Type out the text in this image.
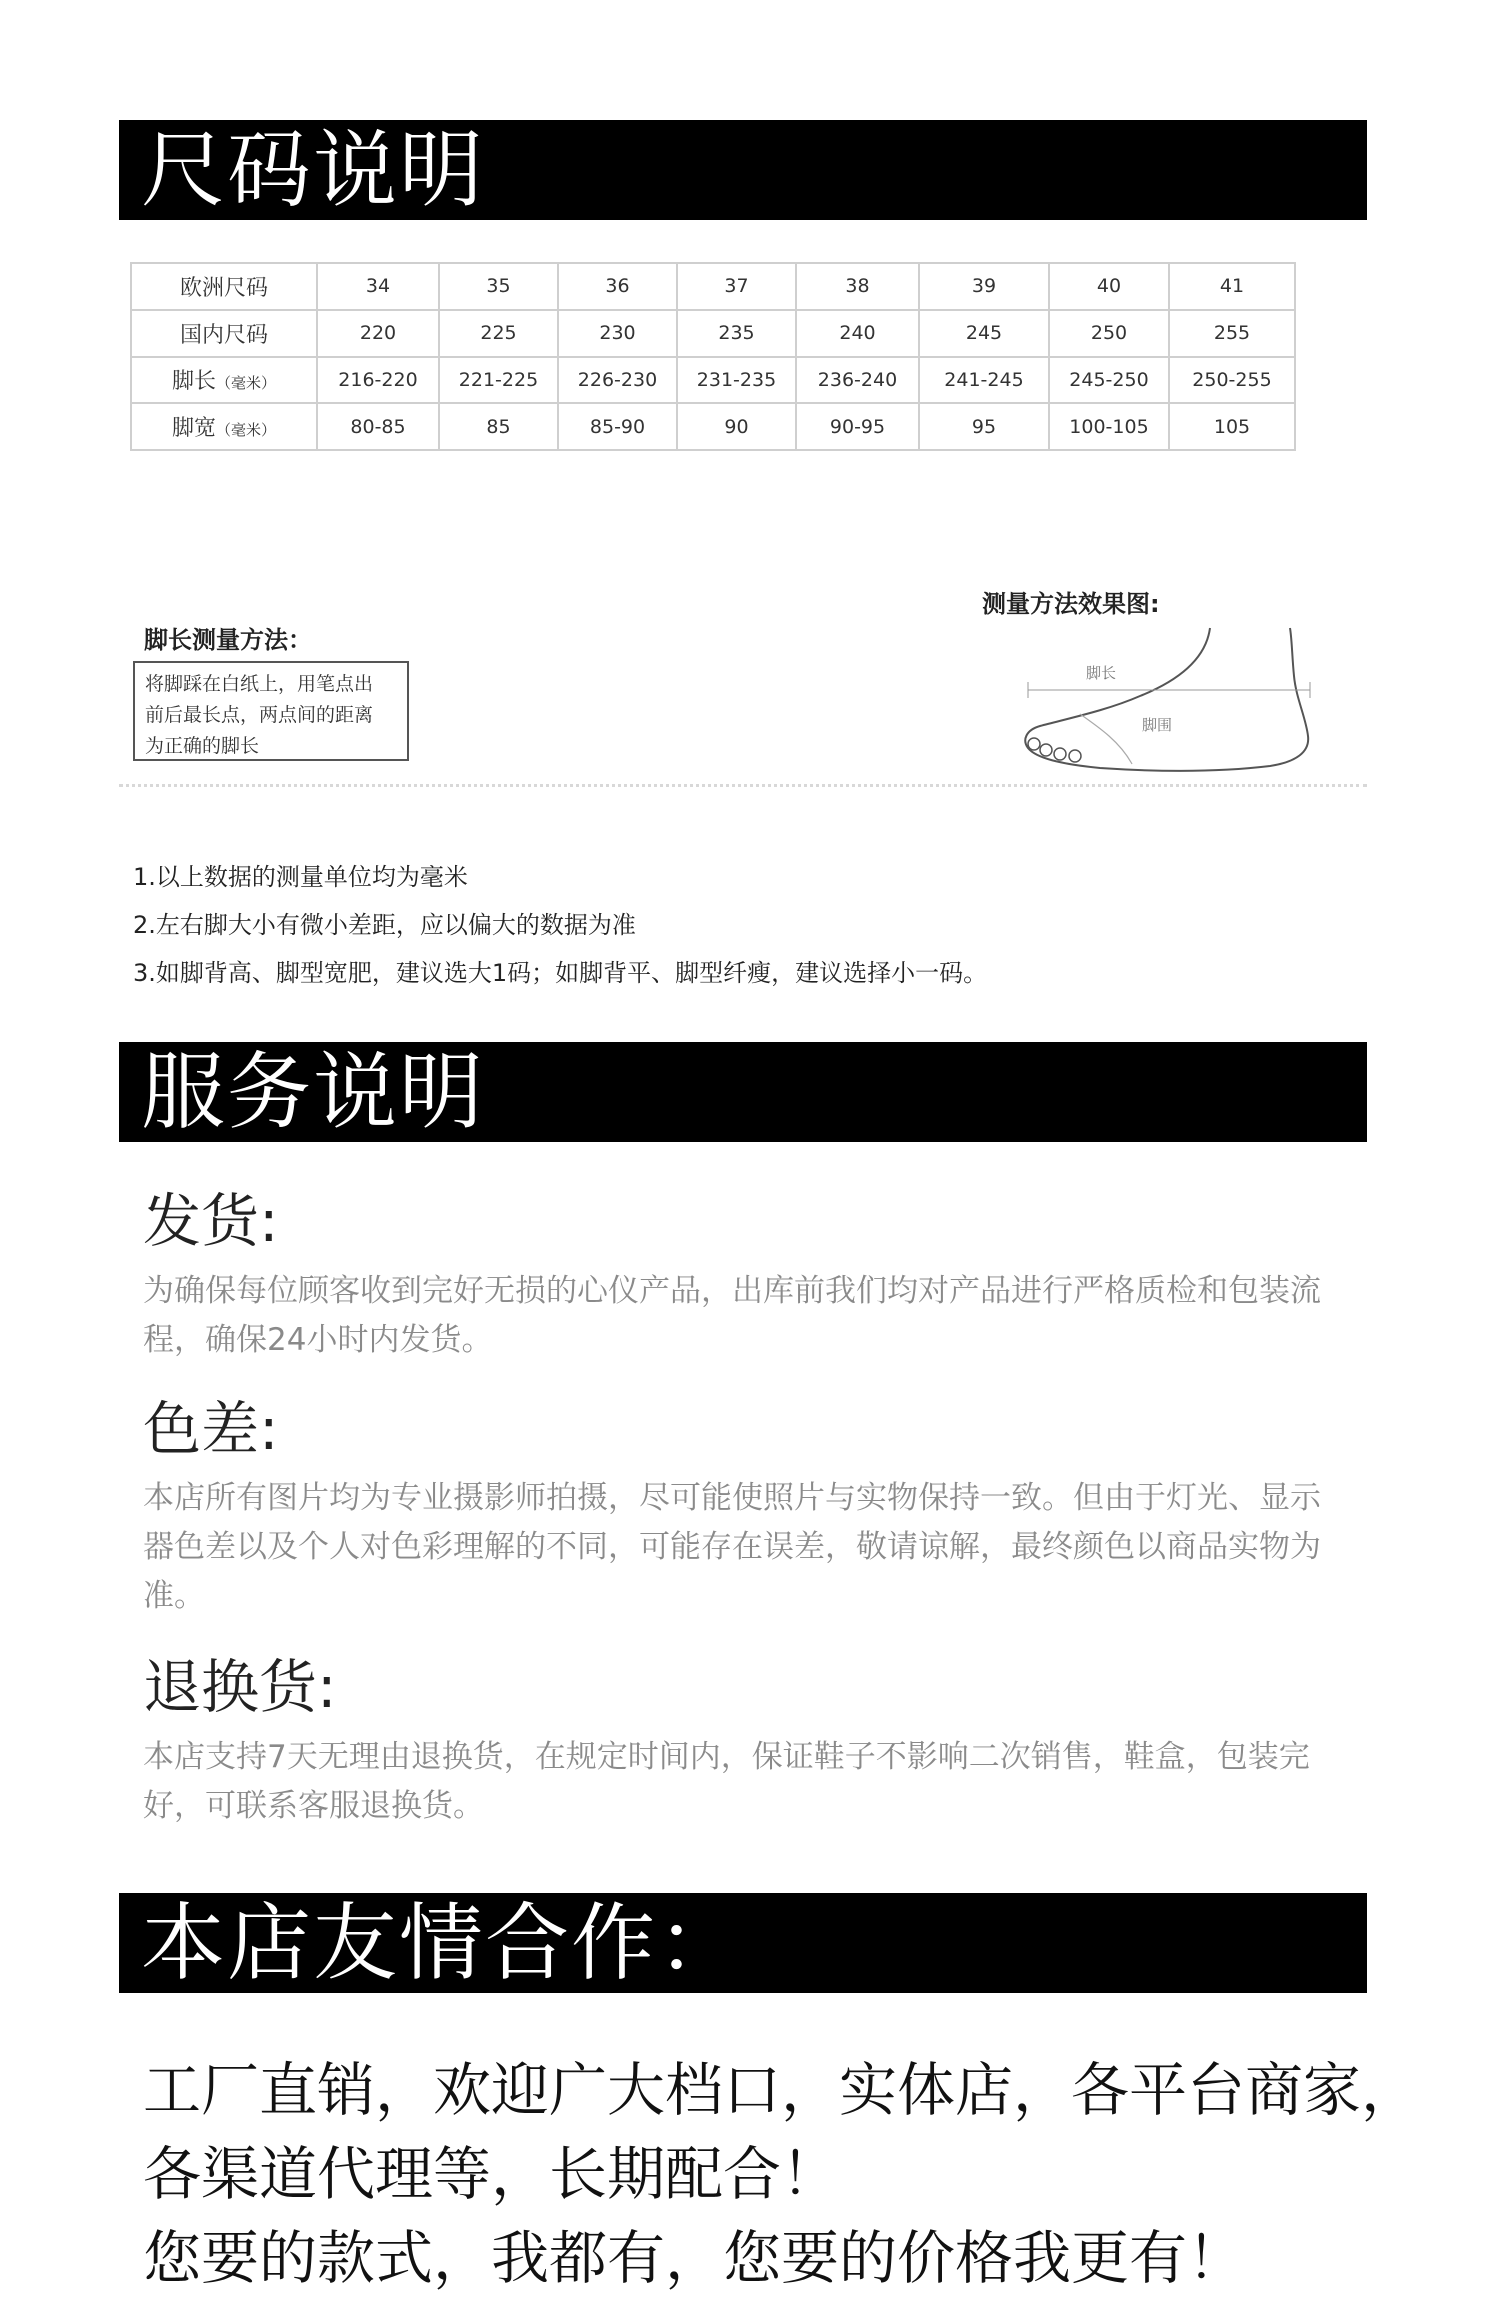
尺码说明
欧洲尺码	34	35	36	37	38	39	40	41
国内尺码	220	225	230	235	240	245	250	255
脚长（毫米）	216-220	221-225	226-230	231-235	236-240	241-245	245-250	250-255
脚宽（毫米）	80-85	85	85-90	90	90-95	95	100-105	105
脚长测量方法：
将脚踩在白纸上，用笔点出
前后最长点，两点间的距离
为正确的脚长
测量方法效果图:
脚长
脚围
1.以上数据的测量单位均为毫米
2.左右脚大小有微小差距，应以偏大的数据为准
3.如脚背高、脚型宽肥，建议选大1码；如脚背平、脚型纤瘦，建议选择小一码。
服务说明
发货:
为确保每位顾客收到完好无损的心仪产品，出库前我们均对产品进行严格质检和包装流程，确保24小时内发货。
色差:
本店所有图片均为专业摄影师拍摄，尽可能使照片与实物保持一致。但由于灯光、显示器色差以及个人对色彩理解的不同，可能存在误差，敬请谅解，最终颜色以商品实物为准。
退换货:
本店支持7天无理由退换货，在规定时间内，保证鞋子不影响二次销售，鞋盒，包装完好，可联系客服退换货。
本店友情合作：
工厂直销，欢迎广大档口，实体店，各平台商家，
各渠道代理等，长期配合！
您要的款式，我都有，您要的价格我更有！
